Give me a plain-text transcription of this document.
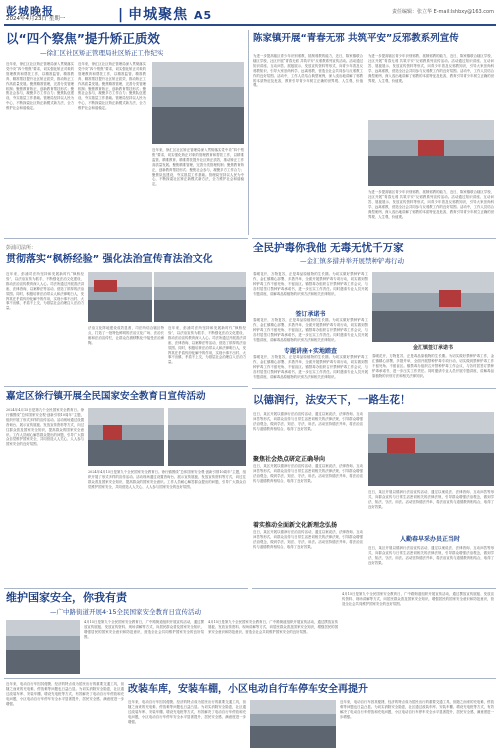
彭城晚报
2024年4月23日 星期一	| 申城聚焦 A5	责任编辑：张立华 E-mail:lshbxy@163.com
以“四个察焦”提升矫正质效
—徐汇区社区矫正管理局社区矫正工作纪实
近年来，徐汇区社区矫正管理局深入贯彻落实党中央“四个察焦”要求，切实强化矫正对象的管理教育和帮扶工作，以精准监管、精准教育、精准帮扶提升社区矫正质效，推动矫正工作高质量发展。聚焦精准管理，完善分类管理机制；聚焦教育矫正，创新教育帮扶形式；聚焦社会参与，凝聚多方工作合力；聚焦队伍建设，夯实基层工作基础。管理局坚持以人民为中心，不断探索社区矫正新模式新方法，全力维护社会和谐稳定。
近年来，徐汇区社区矫正管理局深入贯彻落实党中央“四个察焦”要求，切实强化矫正对象的管理教育和帮扶工作，以精准监管、精准教育、精准帮扶提升社区矫正质效，推动矫正工作高质量发展。聚焦精准管理，完善分类管理机制；聚焦教育矫正，创新教育帮扶形式；聚焦社会参与，凝聚多方工作合力；聚焦队伍建设，夯实基层工作基础。管理局坚持以人民为中心，不断探索社区矫正新模式新方法，全力维护社会和谐稳定。
近年来，徐汇区社区矫正管理局深入贯彻落实党中央“四个察焦”要求，切实强化矫正对象的管理教育和帮扶工作，以精准监管、精准教育、精准帮扶提升社区矫正质效，推动矫正工作高质量发展。聚焦精准管理，完善分类管理机制；聚焦教育矫正，创新教育帮扶形式；聚焦社会参与，凝聚多方工作合力；聚焦队伍建设，夯实基层工作基础。管理局坚持以人民为中心，不断探索社区矫正新模式新方法，全力维护社会和谐稳定。
陈家镇开展“青春无邪 共筑平安”反邪教系列宣传
为进一步提高辖区青少年识别邪教、抵制邪教的能力，近日，陈家镇联合辖区学校、社区开展“青春无邪 共筑平安”反邪教系列宣传活动。活动通过知识讲座、互动问答、展板展示、发放宣传资料等形式，向青少年普及反邪教知识，引导大家崇尚科学、远离邪教，营造全社会共同参与反邪教工作的良好氛围。活动中，工作人员结合典型案例，深入浅出地讲解了邪教的本质特征及危害，教育引导青少年树立正确的世界观、人生观、价值观。
为进一步提高辖区青少年识别邪教、抵制邪教的能力，近日，陈家镇联合辖区学校、社区开展“青春无邪 共筑平安”反邪教系列宣传活动。活动通过知识讲座、互动问答、展板展示、发放宣传资料等形式，向青少年普及反邪教知识，引导大家崇尚科学、远离邪教，营造全社会共同参与反邪教工作的良好氛围。活动中，工作人员结合典型案例，深入浅出地讲解了邪教的本质特征及危害，教育引导青少年树立正确的世界观、人生观、价值观。
为进一步提高辖区青少年识别邪教、抵制邪教的能力，近日，陈家镇联合辖区学校、社区开展“青春无邪 共筑平安”反邪教系列宣传活动。活动通过知识讲座、互动问答、展板展示、发放宣传资料等形式，向青少年普及反邪教知识，引导大家崇尚科学、远离邪教，营造全社会共同参与反邪教工作的良好氛围。活动中，工作人员结合典型案例，深入浅出地讲解了邪教的本质特征及危害，教育引导青少年树立正确的世界观、人生观、价值观。
彭浦司法所：
贯彻落实“枫桥经验” 强化法治宣传育法治文化
近年来，彭浦司法所坚持和发展新时代“枫桥经验”，以法治宣传为抓手，不断强化法治文化建设，推动法治宣传教育深入人心。司法所通过开展普法讲座、法律咨询、以案释法等活动，营造了浓厚的法治氛围。同时，积极培育法治带头人和法律明白人，发挥其在矛盾纠纷化解中的作用，实现小事不出村、大事不出镇、矛盾不上交，为基层社会治理注入法治力量。
法治文化阵地建设成效显著，司法所结合辖区特点，打造了一批特色鲜明的法治文化广场、法治长廊和法治宣传栏，让群众在潜移默化中接受法治熏陶。
近年来，彭浦司法所坚持和发展新时代“枫桥经验”，以法治宣传为抓手，不断强化法治文化建设，推动法治宣传教育深入人心。司法所通过开展普法讲座、法律咨询、以案释法等活动，营造了浓厚的法治氛围。同时，积极培育法治带头人和法律明白人，发挥其在矛盾纠纷化解中的作用，实现小事不出村、大事不出镇、矛盾不上交，为基层社会治理注入法治力量。
嘉定区徐行镇开展全民国家安全教育日宣传活动
2024年4月15日是第九个全民国家安全教育日。徐行镇围绕“总体国家安全观·创新引领10周年”主题，组织开展了形式多样的宣传活动。活动现场通过设置咨询台、展示宣传展板、发放宣传资料等方式，向过往群众普及国家安全知识，提高群众的国家安全意识。工作人员耐心解答群众提出的问题，引导广大群众自觉维护国家安全，共同营造人人关心、人人参与国家安全的良好氛围。
2024年4月15日是第九个全民国家安全教育日。徐行镇围绕“总体国家安全观·创新引领10周年”主题，组织开展了形式多样的宣传活动。活动现场通过设置咨询台、展示宣传展板、发放宣传资料等方式，向过往群众普及国家安全知识，提高群众的国家安全意识。工作人员耐心解答群众提出的问题，引导广大群众自觉维护国家安全，共同营造人人关心、人人参与国家安全的良好氛围。
全民护毒你我他 无毒无忧千万家
—金汇镇多措并举开展禁种铲毒行动
春暖花开，万物复苏，正是毒品原植物的生长期。为切实做好禁种铲毒工作，金汇镇精心部署、多措并举，全面开展禁种铲毒专项行动，切实做到禁种铲毒工作不留死角、不留盲区。镇禁毒办组织召开禁种铲毒工作会议，与各村居签订禁种铲毒承诺书，进一步压实工作责任。同时邀请专业人员开展专题讲座，讲解毒品原植物的识别方法和相关法律知识。
签订承诺书
春暖花开，万物复苏，正是毒品原植物的生长期。为切实做好禁种铲毒工作，金汇镇精心部署、多措并举，全面开展禁种铲毒专项行动，切实做到禁种铲毒工作不留死角、不留盲区。镇禁毒办组织召开禁种铲毒工作会议，与各村居签订禁种铲毒承诺书，进一步压实工作责任。同时邀请专业人员开展专题讲座，讲解毒品原植物的识别方法和相关法律知识。
专题讲座+实地踏查
春暖花开，万物复苏，正是毒品原植物的生长期。为切实做好禁种铲毒工作，金汇镇精心部署、多措并举，全面开展禁种铲毒专项行动，切实做到禁种铲毒工作不留死角、不留盲区。镇禁毒办组织召开禁种铲毒工作会议，与各村居签订禁种铲毒承诺书，进一步压实工作责任。同时邀请专业人员开展专题讲座，讲解毒品原植物的识别方法和相关法律知识。
金汇镇签订承诺书
春暖花开，万物复苏，正是毒品原植物的生长期。为切实做好禁种铲毒工作，金汇镇精心部署、多措并举，全面开展禁种铲毒专项行动，切实做到禁种铲毒工作不留死角、不留盲区。镇禁毒办组织召开禁种铲毒工作会议，与各村居签订禁种铲毒承诺书，进一步压实工作责任。同时邀请专业人员开展专题讲座，讲解毒品原植物的识别方法和相关法律知识。
以德润行，法安天下，一路生花！
近日，某区开展以德润行法治宣传活动，通过以案说法、法律咨询、互动问答等形式，向群众宣传与日常生活密切相关的法律法规，引导群众增强法治观念，做到学法、知法、守法、用法。活动坚持德法并举，将法治宣传与道德教育相结合，取得了良好效果。
聚焦社会热点研定正确导向
近日，某区开展以德润行法治宣传活动，通过以案说法、法律咨询、互动问答等形式，向群众宣传与日常生活密切相关的法律法规，引导群众增强法治观念，做到学法、知法、守法、用法。活动坚持德法并举，将法治宣传与道德教育相结合，取得了良好效果。
着实推动全面新文化新理念弘扬
近日，某区开展以德润行法治宣传活动，通过以案说法、法律咨询、互动问答等形式，向群众宣传与日常生活密切相关的法律法规，引导群众增强法治观念，做到学法、知法、守法、用法。活动坚持德法并举，将法治宣传与道德教育相结合，取得了良好效果。
近日，某区开展以德润行法治宣传活动，通过以案说法、法律咨询、互动问答等形式，向群众宣传与日常生活密切相关的法律法规，引导群众增强法治观念，做到学法、知法、守法、用法。活动坚持德法并举，将法治宣传与道德教育相结合，取得了良好效果。
人勤春早采办员正当时
近日，某区开展以德润行法治宣传活动，通过以案说法、法律咨询、互动问答等形式，向群众宣传与日常生活密切相关的法律法规，引导群众增强法治观念，做到学法、知法、守法、用法。活动坚持德法并举，将法治宣传与道德教育相结合，取得了良好效果。
维护国家安全，你我有责
—广中路街道开展4·15全民国家安全教育日宣传活动
4月15日是第九个全民国家安全教育日，广中路街道组织开展宣传活动，通过摆放宣传展板、发放宣传资料、现场讲解等方式，向居民群众普及国家安全知识，增强居民的国家安全意识和防范意识，营造全社会共同维护国家安全的良好氛围。
4月15日是第九个全民国家安全教育日，广中路街道组织开展宣传活动，通过摆放宣传展板、发放宣传资料、现场讲解等方式，向居民群众普及国家安全知识，增强居民的国家安全意识和防范意识，营造全社会共同维护国家安全的良好氛围。
4月15日是第九个全民国家安全教育日，广中路街道组织开展宣传活动，通过摆放宣传展板、发放宣传资料、现场讲解等方式，向居民群众普及国家安全知识，增强居民的国家安全意识和防范意识，营造全社会共同维护国家安全的良好氛围。
近年来，电动自行车因其便捷、经济的特点成为居民出行的重要交通工具，但随之而来的充电难、停放难等问题也日益凸显。为切实消除安全隐患，社区通过改装车库、安装车棚、增设充电桩等方式，有效解决了电动自行车停放和充电问题，小区电动自行车停车安全水平显著提升，居民安全感、满意度进一步增强。
改装车库，安装车棚，小区电动自行车停车安全再提升
近年来，电动自行车因其便捷、经济的特点成为居民出行的重要交通工具，但随之而来的充电难、停放难等问题也日益凸显。为切实消除安全隐患，社区通过改装车库、安装车棚、增设充电桩等方式，有效解决了电动自行车停放和充电问题，小区电动自行车停车安全水平显著提升，居民安全感、满意度进一步增强。
近年来，电动自行车因其便捷、经济的特点成为居民出行的重要交通工具，但随之而来的充电难、停放难等问题也日益凸显。为切实消除安全隐患，社区通过改装车库、安装车棚、增设充电桩等方式，有效解决了电动自行车停放和充电问题，小区电动自行车停车安全水平显著提升，居民安全感、满意度进一步增强。
